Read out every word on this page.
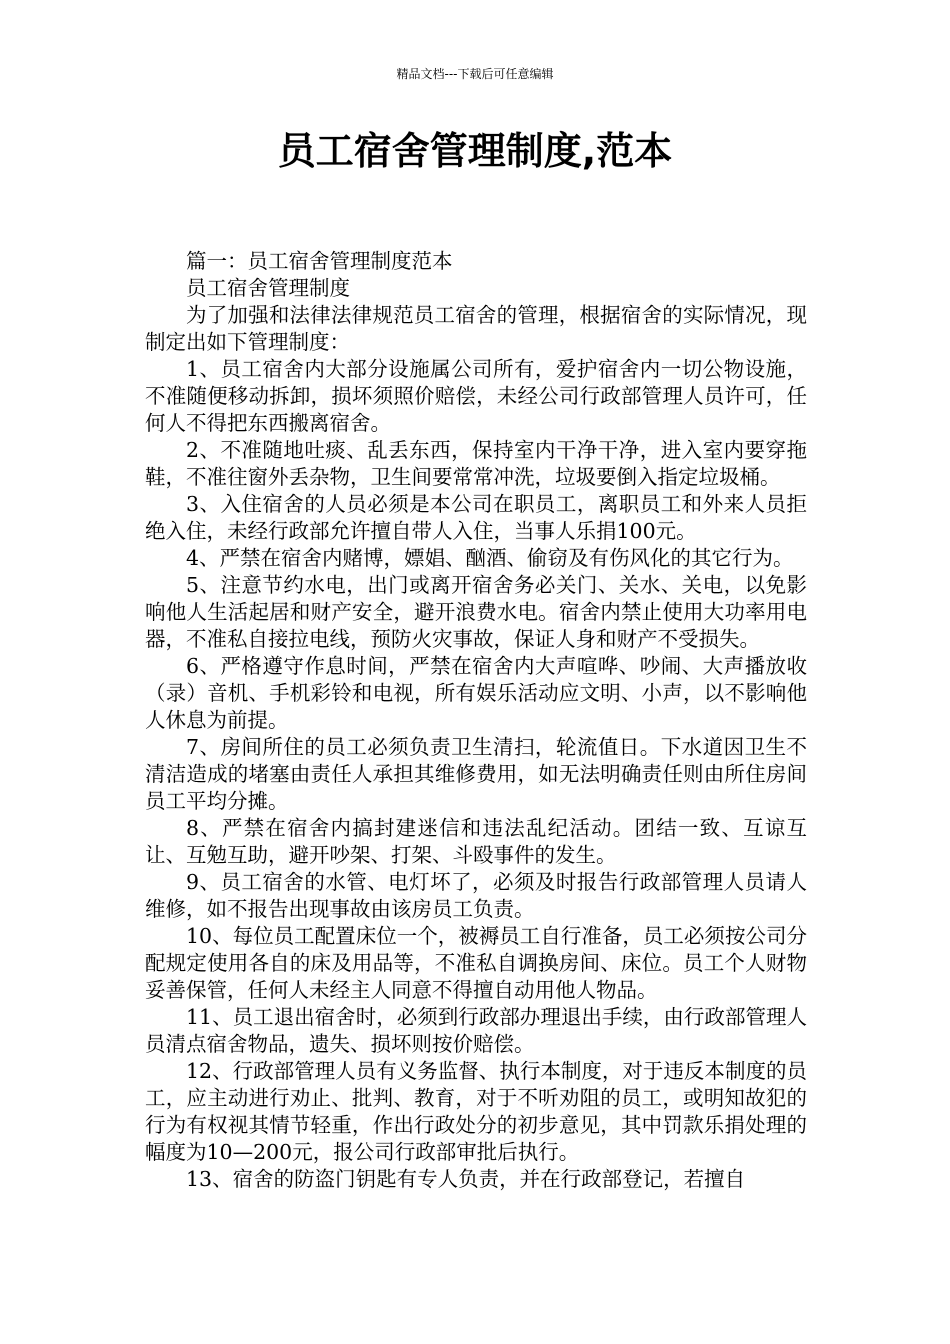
精品文档---下载后可任意编辑
员工宿舍管理制度,范本

篇一：员工宿舍管理制度范本

员工宿舍管理制度

为了加强和法律法律规范员工宿舍的管理，根据宿舍的实际情况，现制定出如下管理制度：

1、员工宿舍内大部分设施属公司所有，爱护宿舍内一切公物设施，不准随便移动拆卸，损坏须照价赔偿，未经公司行政部管理人员许可，任何人不得把东西搬离宿舍。

2、不准随地吐痰、乱丢东西，保持室内干净干净，进入室内要穿拖鞋，不准往窗外丢杂物，卫生间要常常冲洗，垃圾要倒入指定垃圾桶。

3、入住宿舍的人员必须是本公司在职员工，离职员工和外来人员拒绝入住，未经行政部允许擅自带人入住，当事人乐捐100元。

4、严禁在宿舍内赌博，嫖娼、酗酒、偷窃及有伤风化的其它行为。

5、注意节约水电，出门或离开宿舍务必关门、关水、关电，以免影响他人生活起居和财产安全，避开浪费水电。宿舍内禁止使用大功率用电器，不准私自接拉电线，预防火灾事故，保证人身和财产不受损失。

6、严格遵守作息时间，严禁在宿舍内大声喧哗、吵闹、大声播放收（录）音机、手机彩铃和电视，所有娱乐活动应文明、小声，以不影响他人休息为前提。

7、房间所住的员工必须负责卫生清扫，轮流值日。下水道因卫生不清洁造成的堵塞由责任人承担其维修费用，如无法明确责任则由所住房间员工平均分摊。

8、严禁在宿舍内搞封建迷信和违法乱纪活动。团结一致、互谅互让、互勉互助，避开吵架、打架、斗殴事件的发生。

9、员工宿舍的水管、电灯坏了，必须及时报告行政部管理人员请人维修，如不报告出现事故由该房员工负责。

10、每位员工配置床位一个，被褥员工自行准备，员工必须按公司分配规定使用各自的床及用品等，不准私自调换房间、床位。员工个人财物妥善保管，任何人未经主人同意不得擅自动用他人物品。

11、员工退出宿舍时，必须到行政部办理退出手续，由行政部管理人员清点宿舍物品，遗失、损坏则按价赔偿。

12、行政部管理人员有义务监督、执行本制度，对于违反本制度的员工，应主动进行劝止、批判、教育，对于不听劝阻的员工，或明知故犯的行为有权视其情节轻重，作出行政处分的初步意见，其中罚款乐捐处理的幅度为10—200元，报公司行政部审批后执行。

13、宿舍的防盗门钥匙有专人负责，并在行政部登记，若擅自
